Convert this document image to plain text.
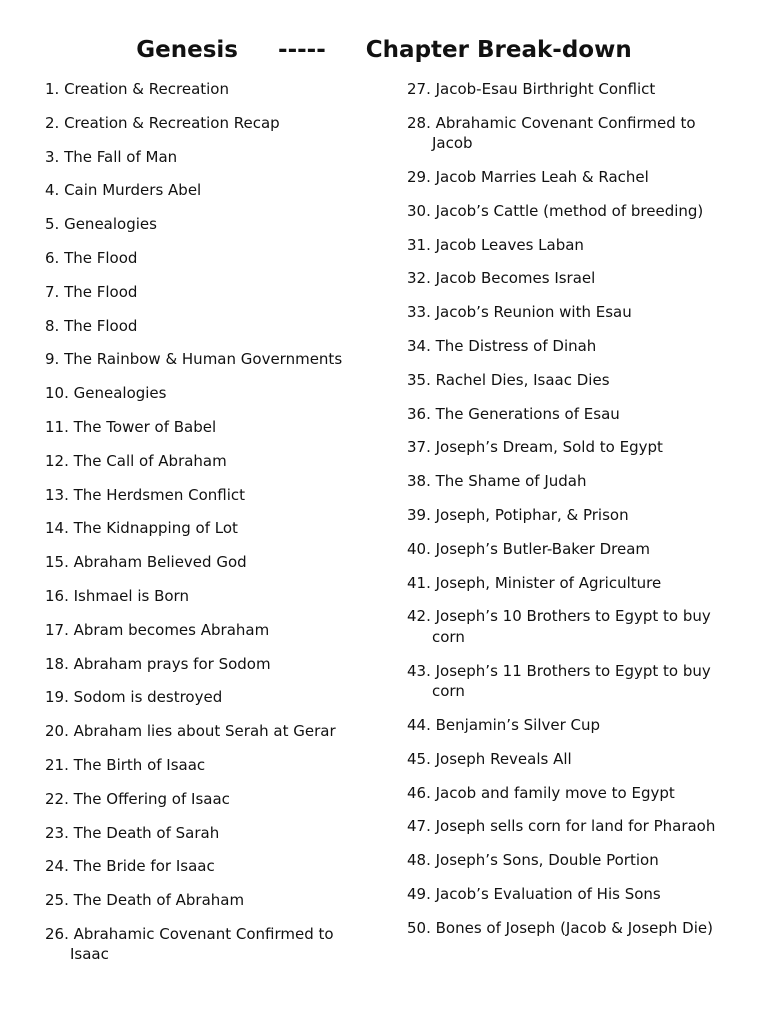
Genesis     -----     Chapter Break-down
1. Creation & Recreation
2. Creation & Recreation Recap
3. The Fall of Man
4. Cain Murders Abel
5. Genealogies
6. The Flood
7. The Flood
8. The Flood
9. The Rainbow & Human Governments
10. Genealogies
11. The Tower of Babel
12. The Call of Abraham
13. The Herdsmen Conflict
14. The Kidnapping of Lot
15. Abraham Believed God
16. Ishmael is Born
17. Abram becomes Abraham
18. Abraham prays for Sodom
19. Sodom is destroyed
20. Abraham lies about Serah at Gerar
21. The Birth of Isaac
22. The Offering of Isaac
23. The Death of Sarah
24. The Bride for Isaac
25. The Death of Abraham
26. Abrahamic Covenant Confirmed to
Isaac
27. Jacob-Esau Birthright Conflict
28. Abrahamic Covenant Confirmed to
Jacob
29. Jacob Marries Leah & Rachel
30. Jacob’s Cattle (method of breeding)
31. Jacob Leaves Laban
32. Jacob Becomes Israel
33. Jacob’s Reunion with Esau
34. The Distress of Dinah
35. Rachel Dies, Isaac Dies
36. The Generations of Esau
37. Joseph’s Dream, Sold to Egypt
38. The Shame of Judah
39. Joseph, Potiphar, & Prison
40. Joseph’s Butler-Baker Dream
41. Joseph, Minister of Agriculture
42. Joseph’s 10 Brothers to Egypt to buy
corn
43. Joseph’s 11 Brothers to Egypt to buy
corn
44. Benjamin’s Silver Cup
45. Joseph Reveals All
46. Jacob and family move to Egypt
47. Joseph sells corn for land for Pharaoh
48. Joseph’s Sons, Double Portion
49. Jacob’s Evaluation of His Sons
50. Bones of Joseph (Jacob & Joseph Die)
